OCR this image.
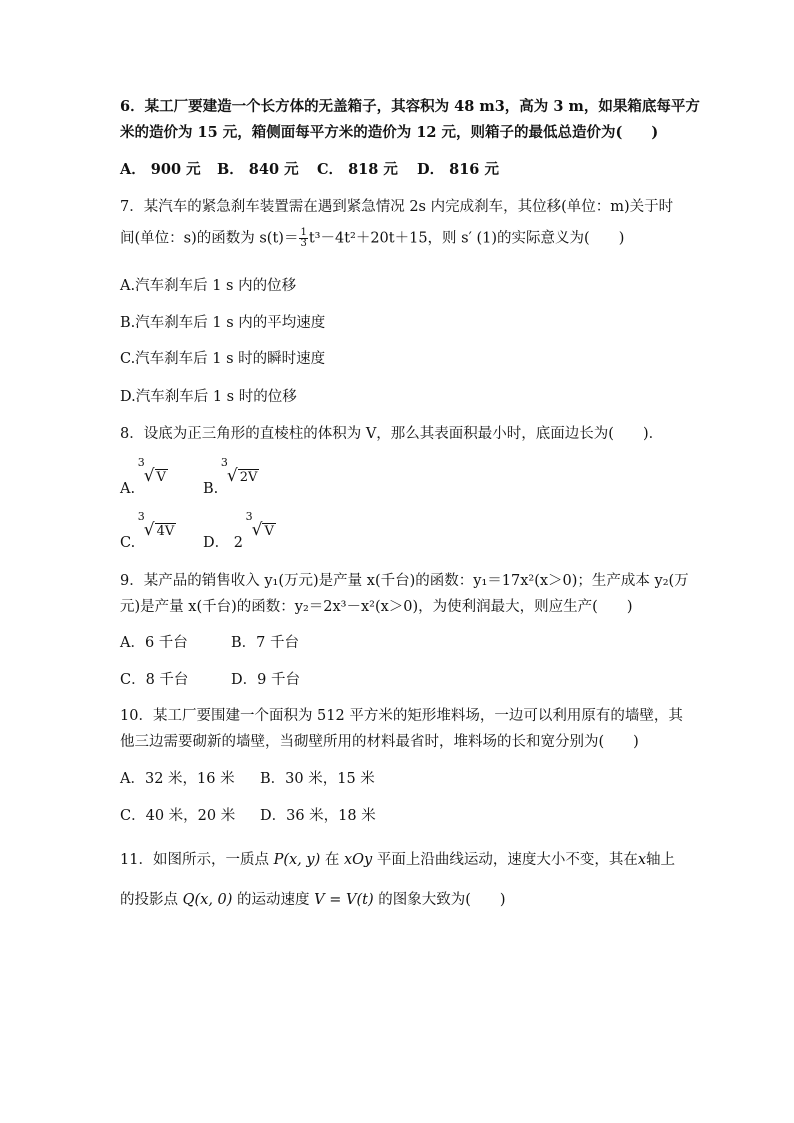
6．某工厂要建造一个长方体的无盖箱子，其容积为 48 m3，高为 3 m，如果箱底每平方
米的造价为 15 元，箱侧面每平方米的造价为 12 元，则箱子的最低总造价为(　　)
A． 900 元 B． 840 元 C． 818 元 D． 816 元
7．某汽车的紧急刹车装置需在遇到紧急情况 2s 内完成刹车，其位移(单位：m)关于时
间(单位：s)的函数为 $s(t)= \frac{1}{3} t^3-4t^2+20t+15$，则 s′ (1)的实际意义为(　　)
A.汽车刹车后 1 s 内的位移
B.汽车刹车后 1 s 内的平均速度
C.汽车刹车后 1 s 时的瞬时速度
D.汽车刹车后 1 s 时的位移
8．设底为正三角形的直棱柱的体积为 V，那么其表面积最小时，底面边长为(　　)．
A.
3
√ V
B.
3
√ 2V
C.
3
√ 4V
D． 2
3
√ V
9．某产品的销售收入 y₁(万元)是产量 x(千台)的函数：y₁＝17x²(x＞0)；生产成本 y₂(万
元)是产量 x(千台)的函数：y₂＝2x³－x²(x＞0)，为使利润最大，则应生产(　　)
A．6 千台	B．7 千台
C．8 千台	D．9 千台
10．某工厂要围建一个面积为 512 平方米的矩形堆料场，一边可以利用原有的墙壁，其
他三边需要砌新的墙壁，当砌壁所用的材料最省时，堆料场的长和宽分别为(　　)
A．32 米，16 米 B．30 米，15 米
C．40 米，20 米 D．36 米，18 米
11．如图所示，一质点 P(x, y) 在 xOy 平面上沿曲线运动，速度大小不变，其在x轴上
的投影点 Q(x, 0) 的运动速度 V = V(t) 的图象大致为(　　)
